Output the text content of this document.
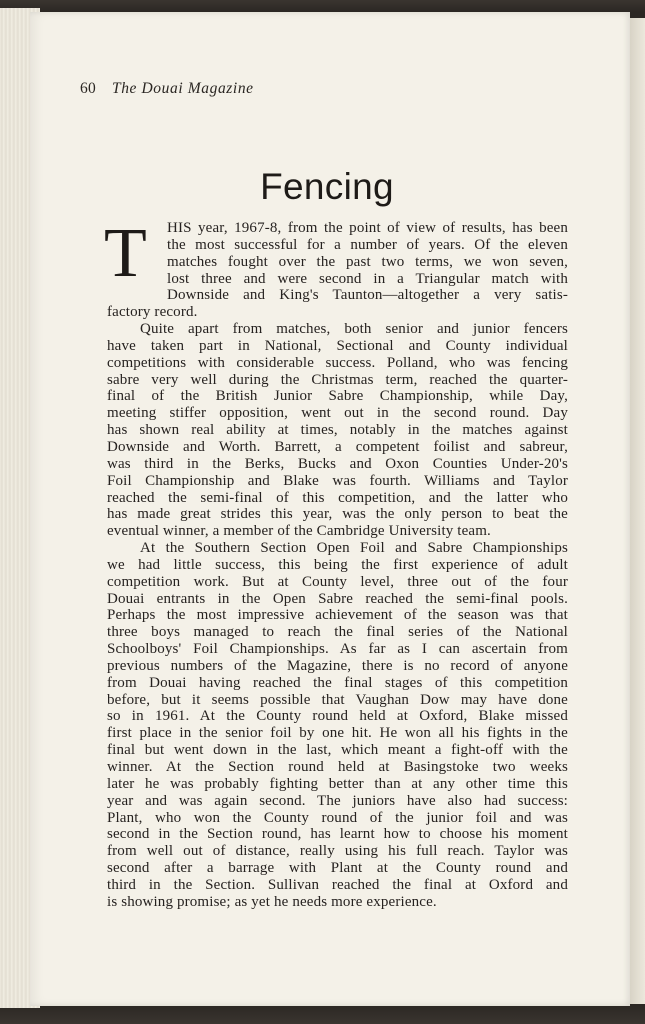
60 The Douai Magazine
Fencing
T	HIS year, 1967-8, from the point of view of results, has been
the most successful for a number of years. Of the eleven
matches fought over the past two terms, we won seven,
lost three and were second in a Triangular match with
Downside and King's Taunton—altogether a very satis-
factory record.
Quite apart from matches, both senior and junior fencers
have taken part in National, Sectional and County individual
competitions with considerable success. Polland, who was fencing
sabre very well during the Christmas term, reached the quarter-
final of the British Junior Sabre Championship, while Day,
meeting stiffer opposition, went out in the second round. Day
has shown real ability at times, notably in the matches against
Downside and Worth. Barrett, a competent foilist and sabreur,
was third in the Berks, Bucks and Oxon Counties Under-20's
Foil Championship and Blake was fourth. Williams and Taylor
reached the semi-final of this competition, and the latter who
has made great strides this year, was the only person to beat the
eventual winner, a member of the Cambridge University team.
At the Southern Section Open Foil and Sabre Championships
we had little success, this being the first experience of adult
competition work. But at County level, three out of the four
Douai entrants in the Open Sabre reached the semi-final pools.
Perhaps the most impressive achievement of the season was that
three boys managed to reach the final series of the National
Schoolboys' Foil Championships. As far as I can ascertain from
previous numbers of the Magazine, there is no record of anyone
from Douai having reached the final stages of this competition
before, but it seems possible that Vaughan Dow may have done
so in 1961. At the County round held at Oxford, Blake missed
first place in the senior foil by one hit. He won all his fights in the
final but went down in the last, which meant a fight-off with the
winner. At the Section round held at Basingstoke two weeks
later he was probably fighting better than at any other time this
year and was again second. The juniors have also had success:
Plant, who won the County round of the junior foil and was
second in the Section round, has learnt how to choose his moment
from well out of distance, really using his full reach. Taylor was
second after a barrage with Plant at the County round and
third in the Section. Sullivan reached the final at Oxford and
is showing promise; as yet he needs more experience.
